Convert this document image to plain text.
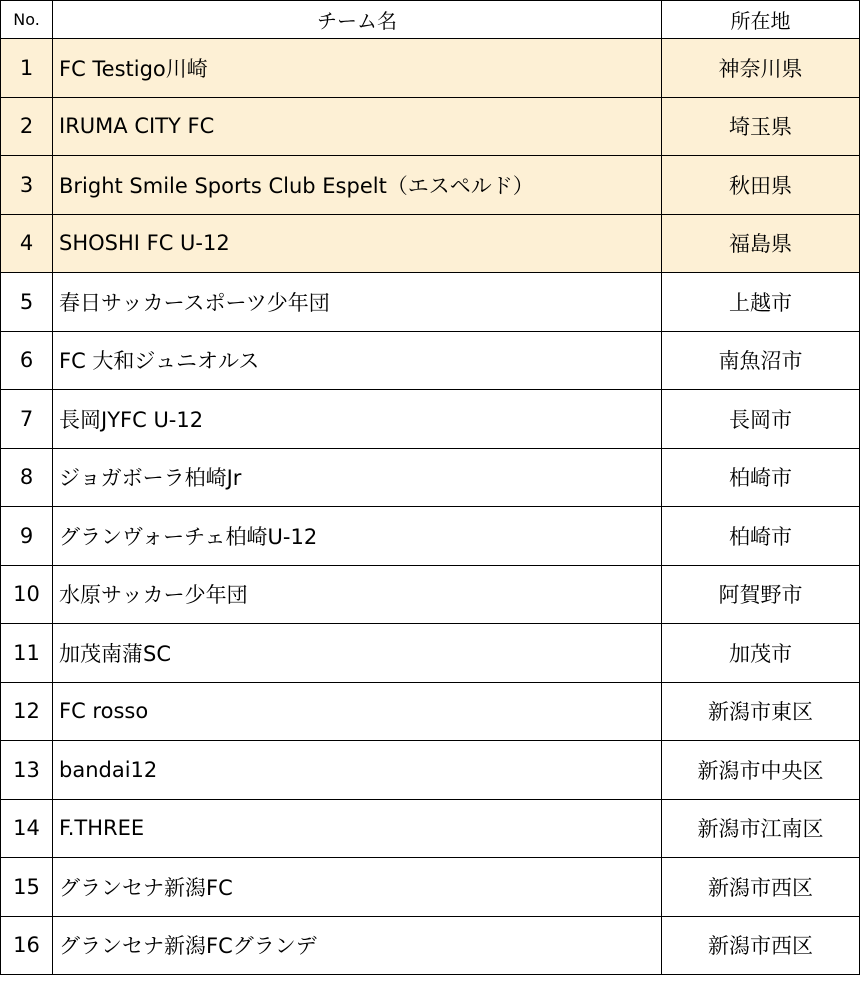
No.	チーム名	所在地
1	FC Testigo川崎	神奈川県
2	IRUMA CITY FC	埼玉県
3	Bright Smile Sports Club Espelt（エスペルド）	秋田県
4	SHOSHI FC U-12	福島県
5	春日サッカースポーツ少年団	上越市
6	FC 大和ジュニオルス	南魚沼市
7	長岡JYFC U-12	長岡市
8	ジョガボーラ柏崎Jr	柏崎市
9	グランヴォーチェ柏崎U-12	柏崎市
10	水原サッカー少年団	阿賀野市
11	加茂南蒲SC	加茂市
12	FC rosso	新潟市東区
13	bandai12	新潟市中央区
14	F.THREE	新潟市江南区
15	グランセナ新潟FC	新潟市西区
16	グランセナ新潟FCグランデ	新潟市西区
